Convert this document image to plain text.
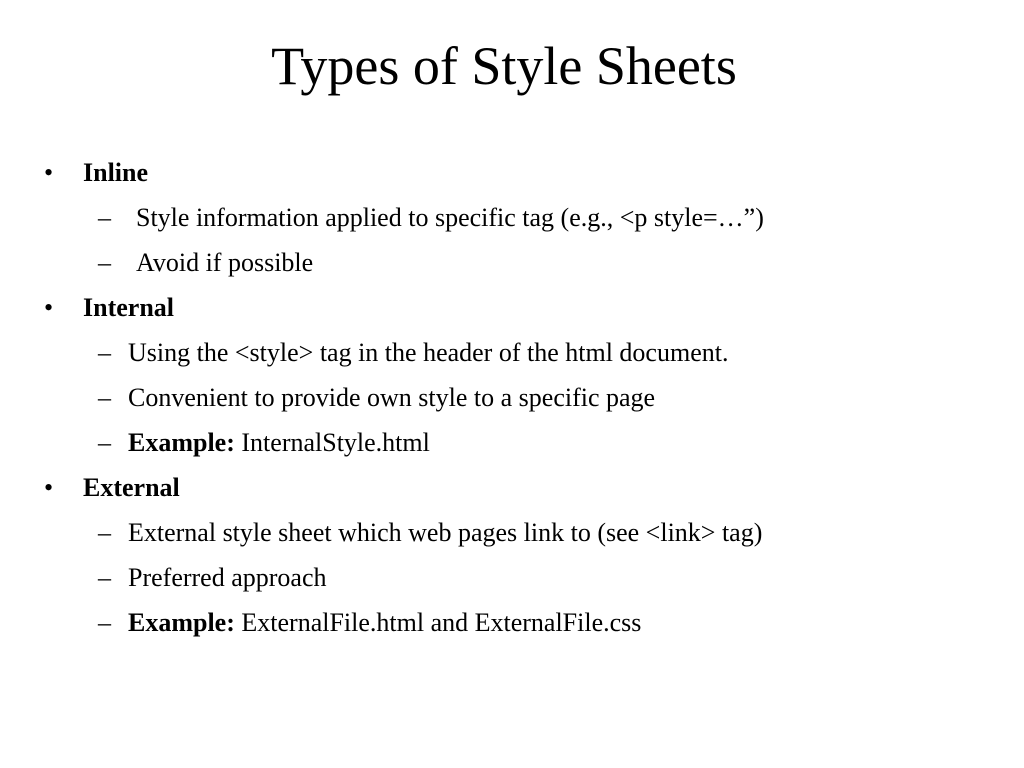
Types of Style Sheets
•	Inline
– Style information applied to specific tag (e.g., <p style=…”)
– Avoid if possible
•	Internal
– Using the <style> tag in the header of the html document.
– Convenient to provide own style to a specific page
– Example: InternalStyle.html
•	External
– External style sheet which web pages link to (see <link> tag)
– Preferred approach
– Example: ExternalFile.html and ExternalFile.css
